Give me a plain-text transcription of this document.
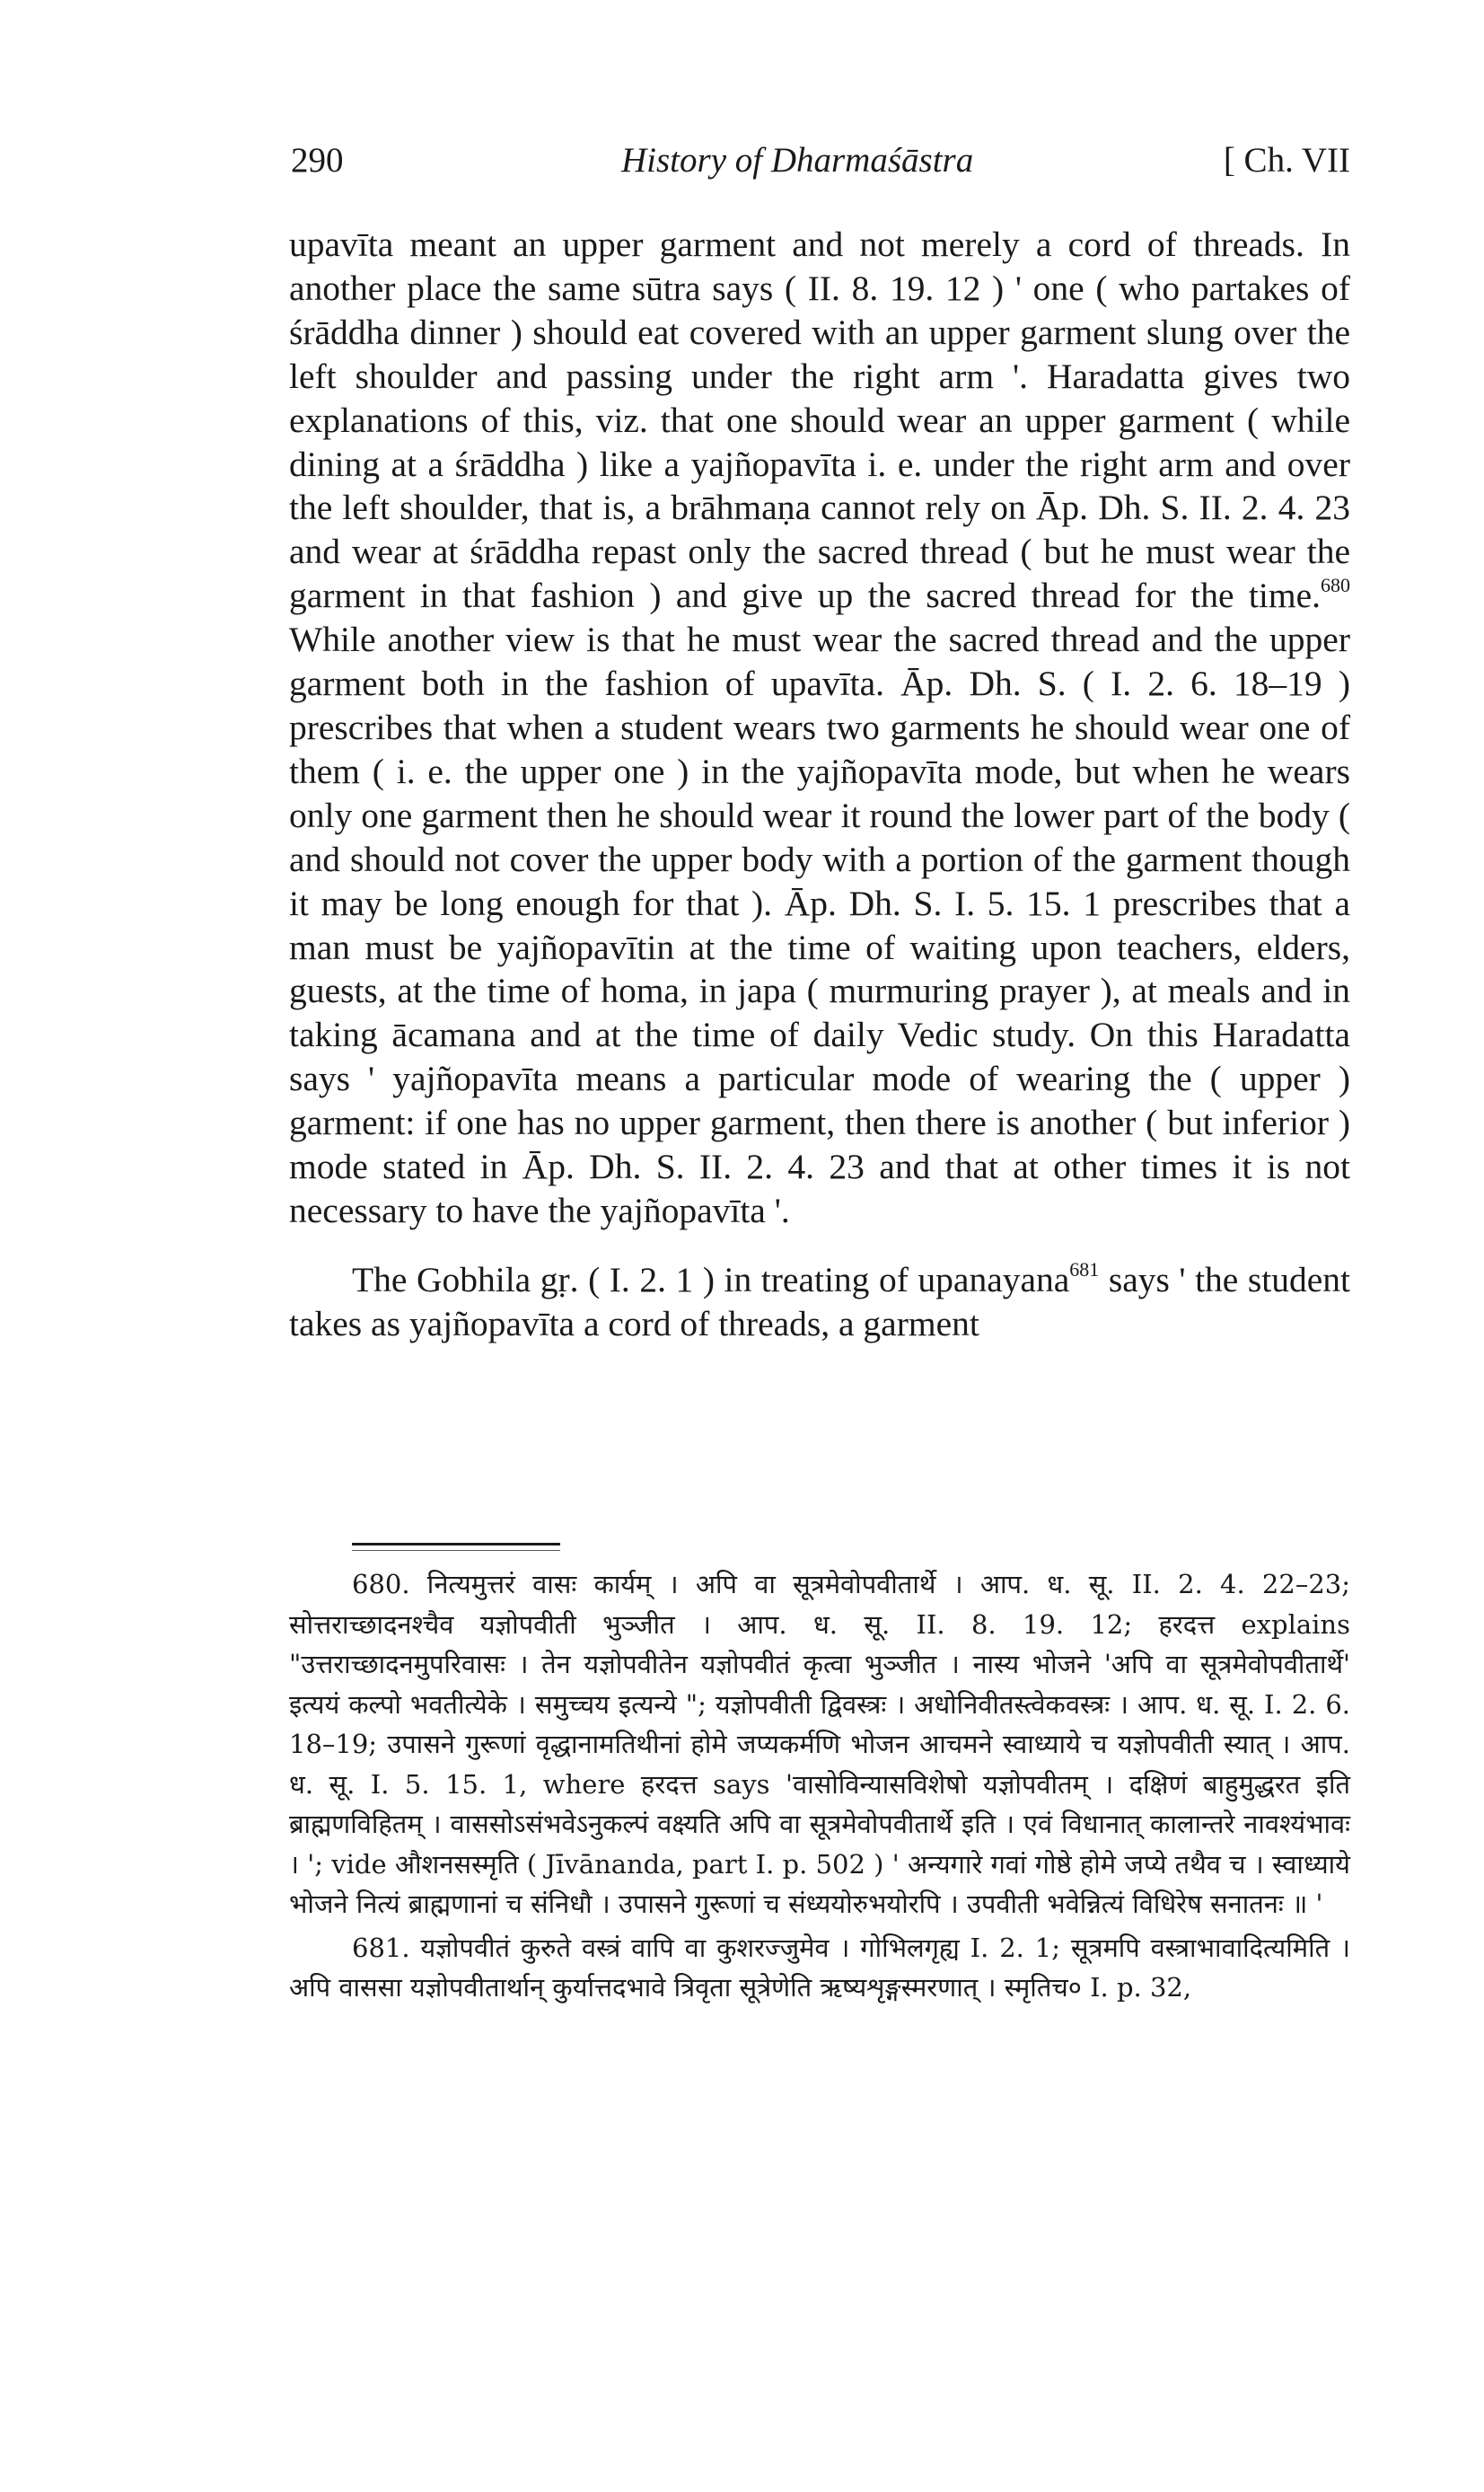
290	History of Dharmaśāstra	[ Ch. VII

upavīta meant an upper garment and not merely a cord of threads. In another place the same sūtra says ( II. 8. 19. 12 ) ' one ( who partakes of śrāddha dinner ) should eat covered with an upper garment slung over the left shoulder and passing under the right arm '. Haradatta gives two explanations of this, viz. that one should wear an upper garment ( while dining at a śrāddha ) like a yajñopavīta i. e. under the right arm and over the left shoulder, that is, a brāhmaṇa cannot rely on Āp. Dh. S. II. 2. 4. 23 and wear at śrāddha repast only the sacred thread ( but he must wear the garment in that fashion ) and give up the sacred thread for the time.$^{680}$ While another view is that he must wear the sacred thread and the upper garment both in the fashion of upavīta. Āp. Dh. S. ( I. 2. 6. 18–19 ) prescribes that when a student wears two garments he should wear one of them ( i. e. the upper one ) in the yajñopavīta mode, but when he wears only one garment then he should wear it round the lower part of the body ( and should not cover the upper body with a portion of the garment though it may be long enough for that ). Āp. Dh. S. I. 5. 15. 1 prescribes that a man must be yajñopavītin at the time of waiting upon teachers, elders, guests, at the time of homa, in japa ( murmuring prayer ), at meals and in taking ācamana and at the time of daily Vedic study. On this Haradatta says ' yajñopavīta means a particular mode of wearing the ( upper ) garment: if one has no upper garment, then there is another ( but inferior ) mode stated in Āp. Dh. S. II. 2. 4. 23 and that at other times it is not necessary to have the yajñopavīta '.

The Gobhila gṛ. ( I. 2. 1 ) in treating of upanayana$^{681}$ says ' the student takes as yajñopavīta a cord of threads, a garment

680. नित्यमुत्तरं वासः कार्यम् । अपि वा सूत्रमेवोपवीतार्थे । आप. ध. सू. II. 2. 4. 22–23; सोत्तराच्छादनश्चैव यज्ञोपवीती भुञ्जीत । आप. ध. सू. II. 8. 19. 12; हरदत्त explains "उत्तराच्छादनमुपरिवासः । तेन यज्ञोपवीतेन यज्ञोपवीतं कृत्वा भुञ्जीत । नास्य भोजने 'अपि वा सूत्रमेवोपवीतार्थे' इत्ययं कल्पो भवतीत्येके । समुच्चय इत्यन्ये "; यज्ञोपवीती द्विवस्त्रः । अधोनिवीतस्त्वेकवस्त्रः । आप. ध. सू. I. 2. 6. 18–19; उपासने गुरूणां वृद्धानामतिथीनां होमे जप्यकर्मणि भोजन आचमने स्वाध्याये च यज्ञोपवीती स्यात् । आप. ध. सू. I. 5. 15. 1, where हरदत्त says 'वासोविन्यासविशेषो यज्ञोपवीतम् । दक्षिणं बाहुमुद्धरत इति ब्राह्मणविहितम् । वाससोऽसंभवेऽनुकल्पं वक्ष्यति अपि वा सूत्रमेवोपवीतार्थे इति । एवं विधानात् कालान्तरे नावश्यंभावः । '; vide औशनसस्मृति ( Jīvānanda, part I. p. 502 ) ' अन्यगारे गवां गोष्ठे होमे जप्ये तथैव च । स्वाध्याये भोजने नित्यं ब्राह्मणानां च संनिधौ । उपासने गुरूणां च संध्ययोरुभयोरपि । उपवीती भवेन्नित्यं विधिरेष सनातनः ॥ '

681. यज्ञोपवीतं कुरुते वस्त्रं वापि वा कुशरज्जुमेव । गोभिलगृह्य I. 2. 1; सूत्रमपि वस्त्राभावादित्यमिति । अपि वाससा यज्ञोपवीतार्थान् कुर्यात्तदभावे त्रिवृता सूत्रेणेति ऋष्यशृङ्गस्मरणात् । स्मृतिच० I. p. 32,
